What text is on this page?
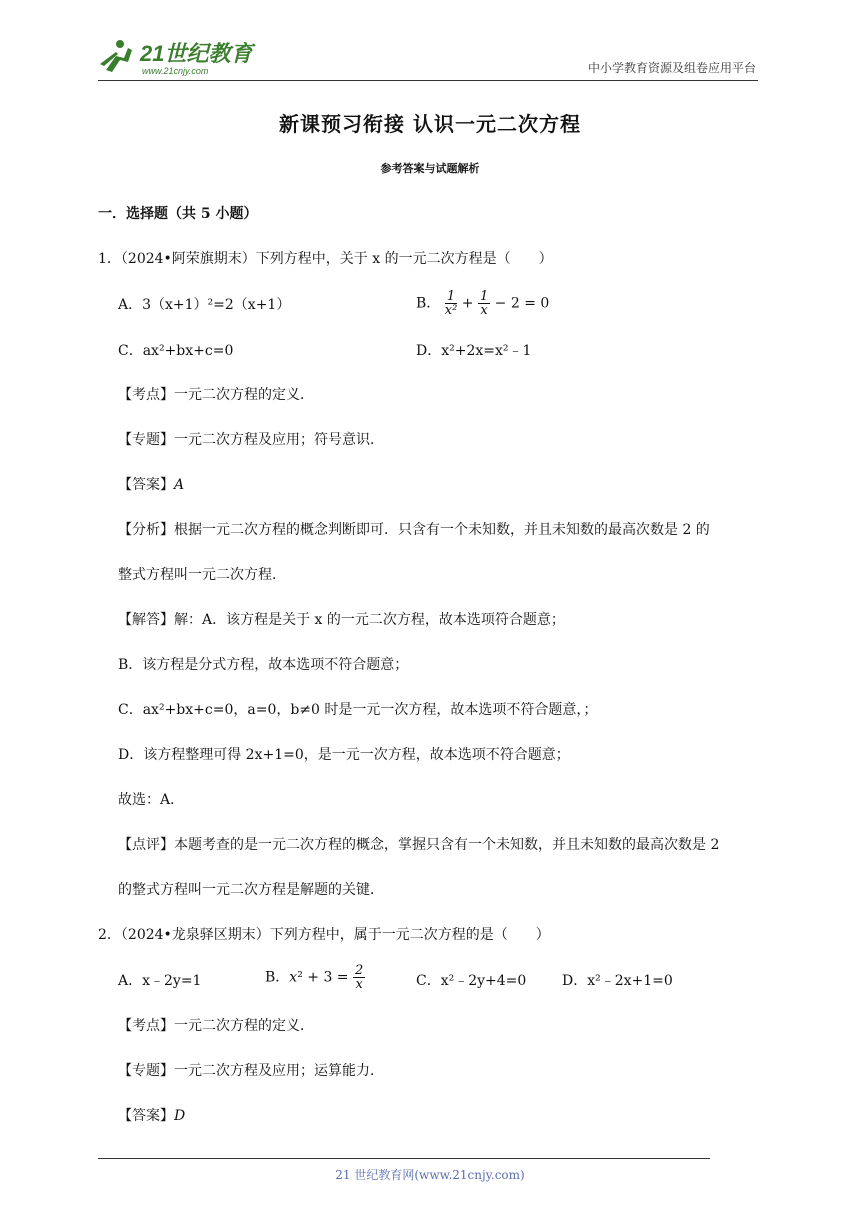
21世纪教育
www.21cnjy.com	中小学教育资源及组卷应用平台
新课预习衔接 认识一元二次方程
参考答案与试题解析
一．选择题（共 5 小题）
1．（2024•阿荣旗期末）下列方程中，关于 x 的一元二次方程是（　　）
A．3（x+1）²=2（x+1）	B． $\frac{1}{\text{x²}} + \frac{1}{x} - 2 = 0$
C．ax²+bx+c=0	D．x²+2x=x²﹣1
【考点】一元二次方程的定义．
【专题】一元二次方程及应用；符号意识．
【答案】A
【分析】根据一元二次方程的概念判断即可．只含有一个未知数，并且未知数的最高次数是 2 的
整式方程叫一元二次方程．
【解答】解：A．该方程是关于 x 的一元二次方程，故本选项符合题意；
B．该方程是分式方程，故本选项不符合题意；
C．ax²+bx+c=0，a=0，b≠0 时是一元一次方程，故本选项不符合题意，；
D．该方程整理可得 2x+1=0，是一元一次方程，故本选项不符合题意；
故选：A．
【点评】本题考查的是一元二次方程的概念，掌握只含有一个未知数，并且未知数的最高次数是 2
的整式方程叫一元二次方程是解题的关键．
2．（2024•龙泉驿区期末）下列方程中，属于一元二次方程的是（　　）
A．x﹣2y=1	B．$x^2 + 3 = \frac{2}{x}$	C．x²﹣2y+4=0	D．x²﹣2x+1=0
【考点】一元二次方程的定义．
【专题】一元二次方程及应用；运算能力．
【答案】D
21 世纪教育网(www.21cnjy.com)
